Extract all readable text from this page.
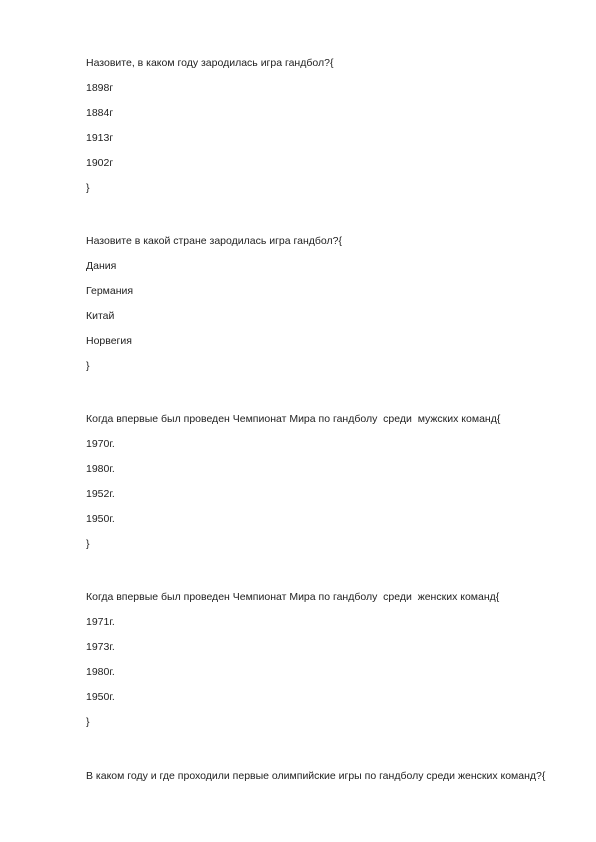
Назовите, в каком году зародилась игра гандбол?{

1898г

1884г

1913г

1902г

}

Назовите в какой стране зародилась игра гандбол?{

Дания

Германия

Китай

Норвегия

}

Когда впервые был проведен Чемпионат Мира по гандболу  среди  мужских команд{

1970г.

1980г.

1952г.

1950г.

}

Когда впервые был проведен Чемпионат Мира по гандболу  среди  женских команд{

1971г.

1973г.

1980г.

1950г.

}

В каком году и где проходили первые олимпийские игры по гандболу среди женских команд?{
